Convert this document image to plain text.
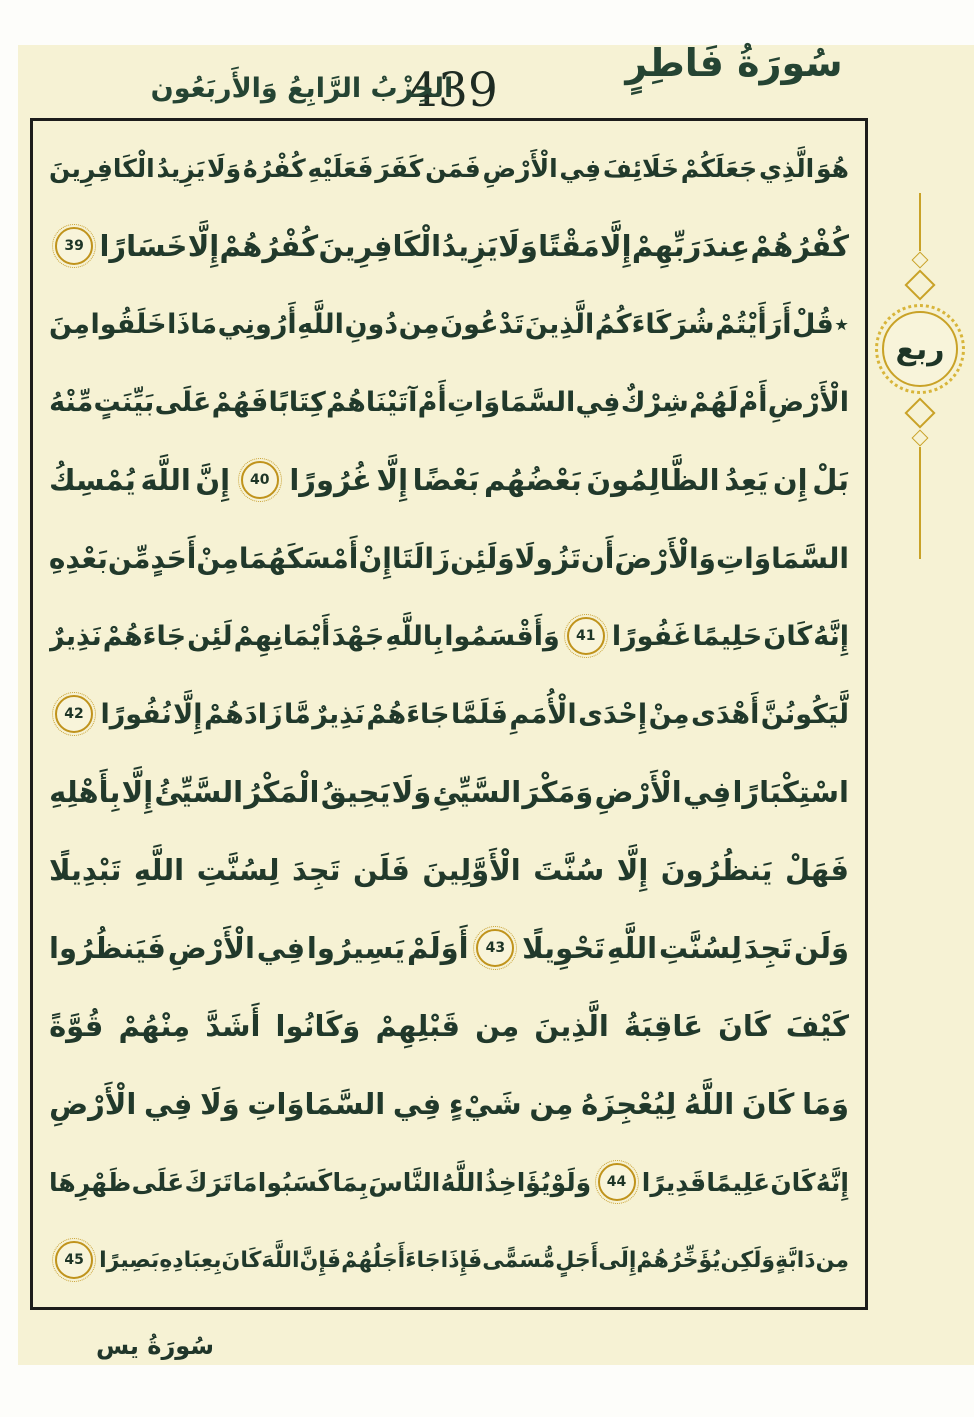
سُورَةُ فَاطِرٍ
439
الحِزْبُ الرَّابِعُ وَالأَربَعُون
هُوَ
الَّذِي
جَعَلَكُمْ
خَلَائِفَ
فِي
الْأَرْضِ
فَمَن
كَفَرَ
فَعَلَيْهِ
كُفْرُهُ
وَلَا
يَزِيدُ
الْكَافِرِينَ
كُفْرُهُمْ
عِندَ
رَبِّهِمْ
إِلَّا
مَقْتًا
وَلَا
يَزِيدُ
الْكَافِرِينَ
كُفْرُهُمْ
إِلَّا
خَسَارًا
39
٭
قُلْ
أَرَأَيْتُمْ
شُرَكَاءَكُمُ
الَّذِينَ
تَدْعُونَ
مِن
دُونِ
اللَّهِ
أَرُونِي
مَاذَا
خَلَقُوا
مِنَ
الْأَرْضِ
أَمْ
لَهُمْ
شِرْكٌ
فِي
السَّمَاوَاتِ
أَمْ
آتَيْنَاهُمْ
كِتَابًا
فَهُمْ
عَلَى
بَيِّنَتٍ
مِّنْهُ
بَلْ
إِن
يَعِدُ
الظَّالِمُونَ
بَعْضُهُم
بَعْضًا
إِلَّا
غُرُورًا
40
إِنَّ
اللَّهَ
يُمْسِكُ
السَّمَاوَاتِ
وَالْأَرْضَ
أَن
تَزُولَا
وَلَئِن
زَالَتَا
إِنْ
أَمْسَكَهُمَا
مِنْ
أَحَدٍ
مِّن
بَعْدِهِ
إِنَّهُ
كَانَ
حَلِيمًا
غَفُورًا
41
وَأَقْسَمُوا
بِاللَّهِ
جَهْدَ
أَيْمَانِهِمْ
لَئِن
جَاءَهُمْ
نَذِيرٌ
لَّيَكُونُنَّ
أَهْدَى
مِنْ
إِحْدَى
الْأُمَمِ
فَلَمَّا
جَاءَهُمْ
نَذِيرٌ
مَّا
زَادَهُمْ
إِلَّا
نُفُورًا
42
اسْتِكْبَارًا
فِي
الْأَرْضِ
وَمَكْرَ
السَّيِّئِ
وَلَا
يَحِيقُ
الْمَكْرُ
السَّيِّئُ
إِلَّا
بِأَهْلِهِ
فَهَلْ
يَنظُرُونَ
إِلَّا
سُنَّتَ
الْأَوَّلِينَ
فَلَن
تَجِدَ
لِسُنَّتِ
اللَّهِ
تَبْدِيلًا
وَلَن
تَجِدَ
لِسُنَّتِ
اللَّهِ
تَحْوِيلًا
43
أَوَلَمْ
يَسِيرُوا
فِي
الْأَرْضِ
فَيَنظُرُوا
كَيْفَ
كَانَ
عَاقِبَةُ
الَّذِينَ
مِن
قَبْلِهِمْ
وَكَانُوا
أَشَدَّ
مِنْهُمْ
قُوَّةً
وَمَا
كَانَ
اللَّهُ
لِيُعْجِزَهُ
مِن
شَيْءٍ
فِي
السَّمَاوَاتِ
وَلَا
فِي
الْأَرْضِ
إِنَّهُ
كَانَ
عَلِيمًا
قَدِيرًا
44
وَلَوْ
يُؤَاخِذُ
اللَّهُ
النَّاسَ
بِمَا
كَسَبُوا
مَا
تَرَكَ
عَلَى
ظَهْرِهَا
مِن
دَابَّةٍ
وَلَكِن
يُؤَخِّرُهُمْ
إِلَى
أَجَلٍ
مُّسَمًّى
فَإِذَا
جَاءَ
أَجَلُهُمْ
فَإِنَّ
اللَّهَ
كَانَ
بِعِبَادِهِ
بَصِيرًا
45
ربع
سُورَةُ يس
